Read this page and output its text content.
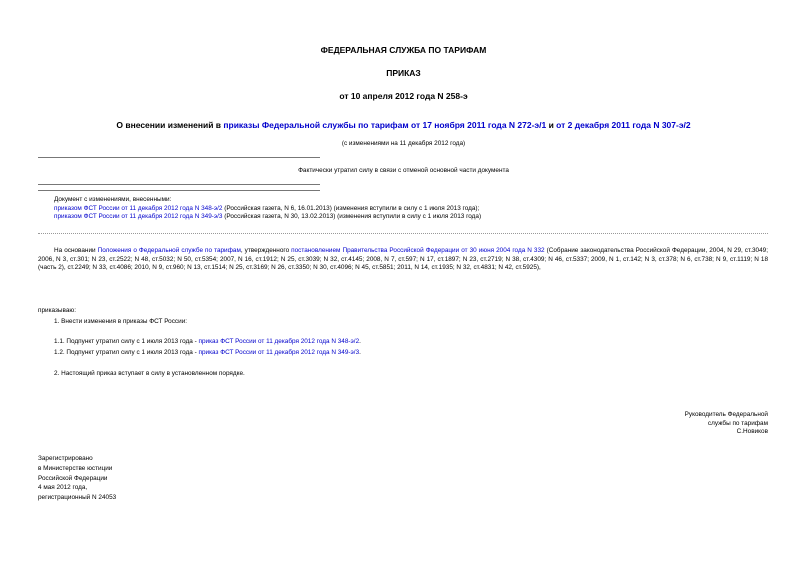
ФЕДЕРАЛЬНАЯ СЛУЖБА ПО ТАРИФАМ
ПРИКАЗ
от 10 апреля 2012 года N 258-э
О внесении изменений в приказы Федеральной службы по тарифам от 17 ноября 2011 года N 272-э/1 и от 2 декабря 2011 года N 307-э/2
(с изменениями на 11 декабря 2012 года)
Фактически утратил силу в связи с отменой основной части документа
Документ с изменениями, внесенными:
приказом ФСТ России от 11 декабря 2012 года N 348-э/2 (Российская газета, N 6, 16.01.2013) (изменения вступили в силу с 1 июля 2013 года);
приказом ФСТ России от 11 декабря 2012 года N 349-э/3 (Российская газета, N 30, 13.02.2013) (изменения вступили в силу с 1 июля 2013 года)
На основании Положения о Федеральной службе по тарифам, утвержденного постановлением Правительства Российской Федерации от 30 июня 2004 года N 332 (Собрание законодательства Российской Федерации, 2004, N 29, ст.3049; 2006, N 3, ст.301; N 23, ст.2522; N 48, ст.5032; N 50, ст.5354; 2007, N 16, ст.1912; N 25, ст.3039; N 32, ст.4145; 2008, N 7, ст.597; N 17, ст.1897; N 23, ст.2719; N 38, ст.4309; N 46, ст.5337; 2009, N 1, ст.142; N 3, ст.378; N 6, ст.738; N 9, ст.1119; N 18 (часть 2), ст.2249; N 33, ст.4086; 2010, N 9, ст.960; N 13, ст.1514; N 25, ст.3169; N 26, ст.3350; N 30, ст.4096; N 45, ст.5851; 2011, N 14, ст.1935; N 32, ст.4831; N 42, ст.5925),
приказываю:
1. Внести изменения в приказы ФСТ России:
1.1. Подпункт утратил силу с 1 июля 2013 года - приказ ФСТ России от 11 декабря 2012 года N 348-э/2.
1.2. Подпункт утратил силу с 1 июля 2013 года - приказ ФСТ России от 11 декабря 2012 года N 349-э/3.
2. Настоящий приказ вступает в силу в установленном порядке.
Руководитель Федеральной
службы по тарифам
С.Новиков
Зарегистрировано
в Министерстве юстиции
Российской Федерации
4 мая 2012 года,
регистрационный N 24053
